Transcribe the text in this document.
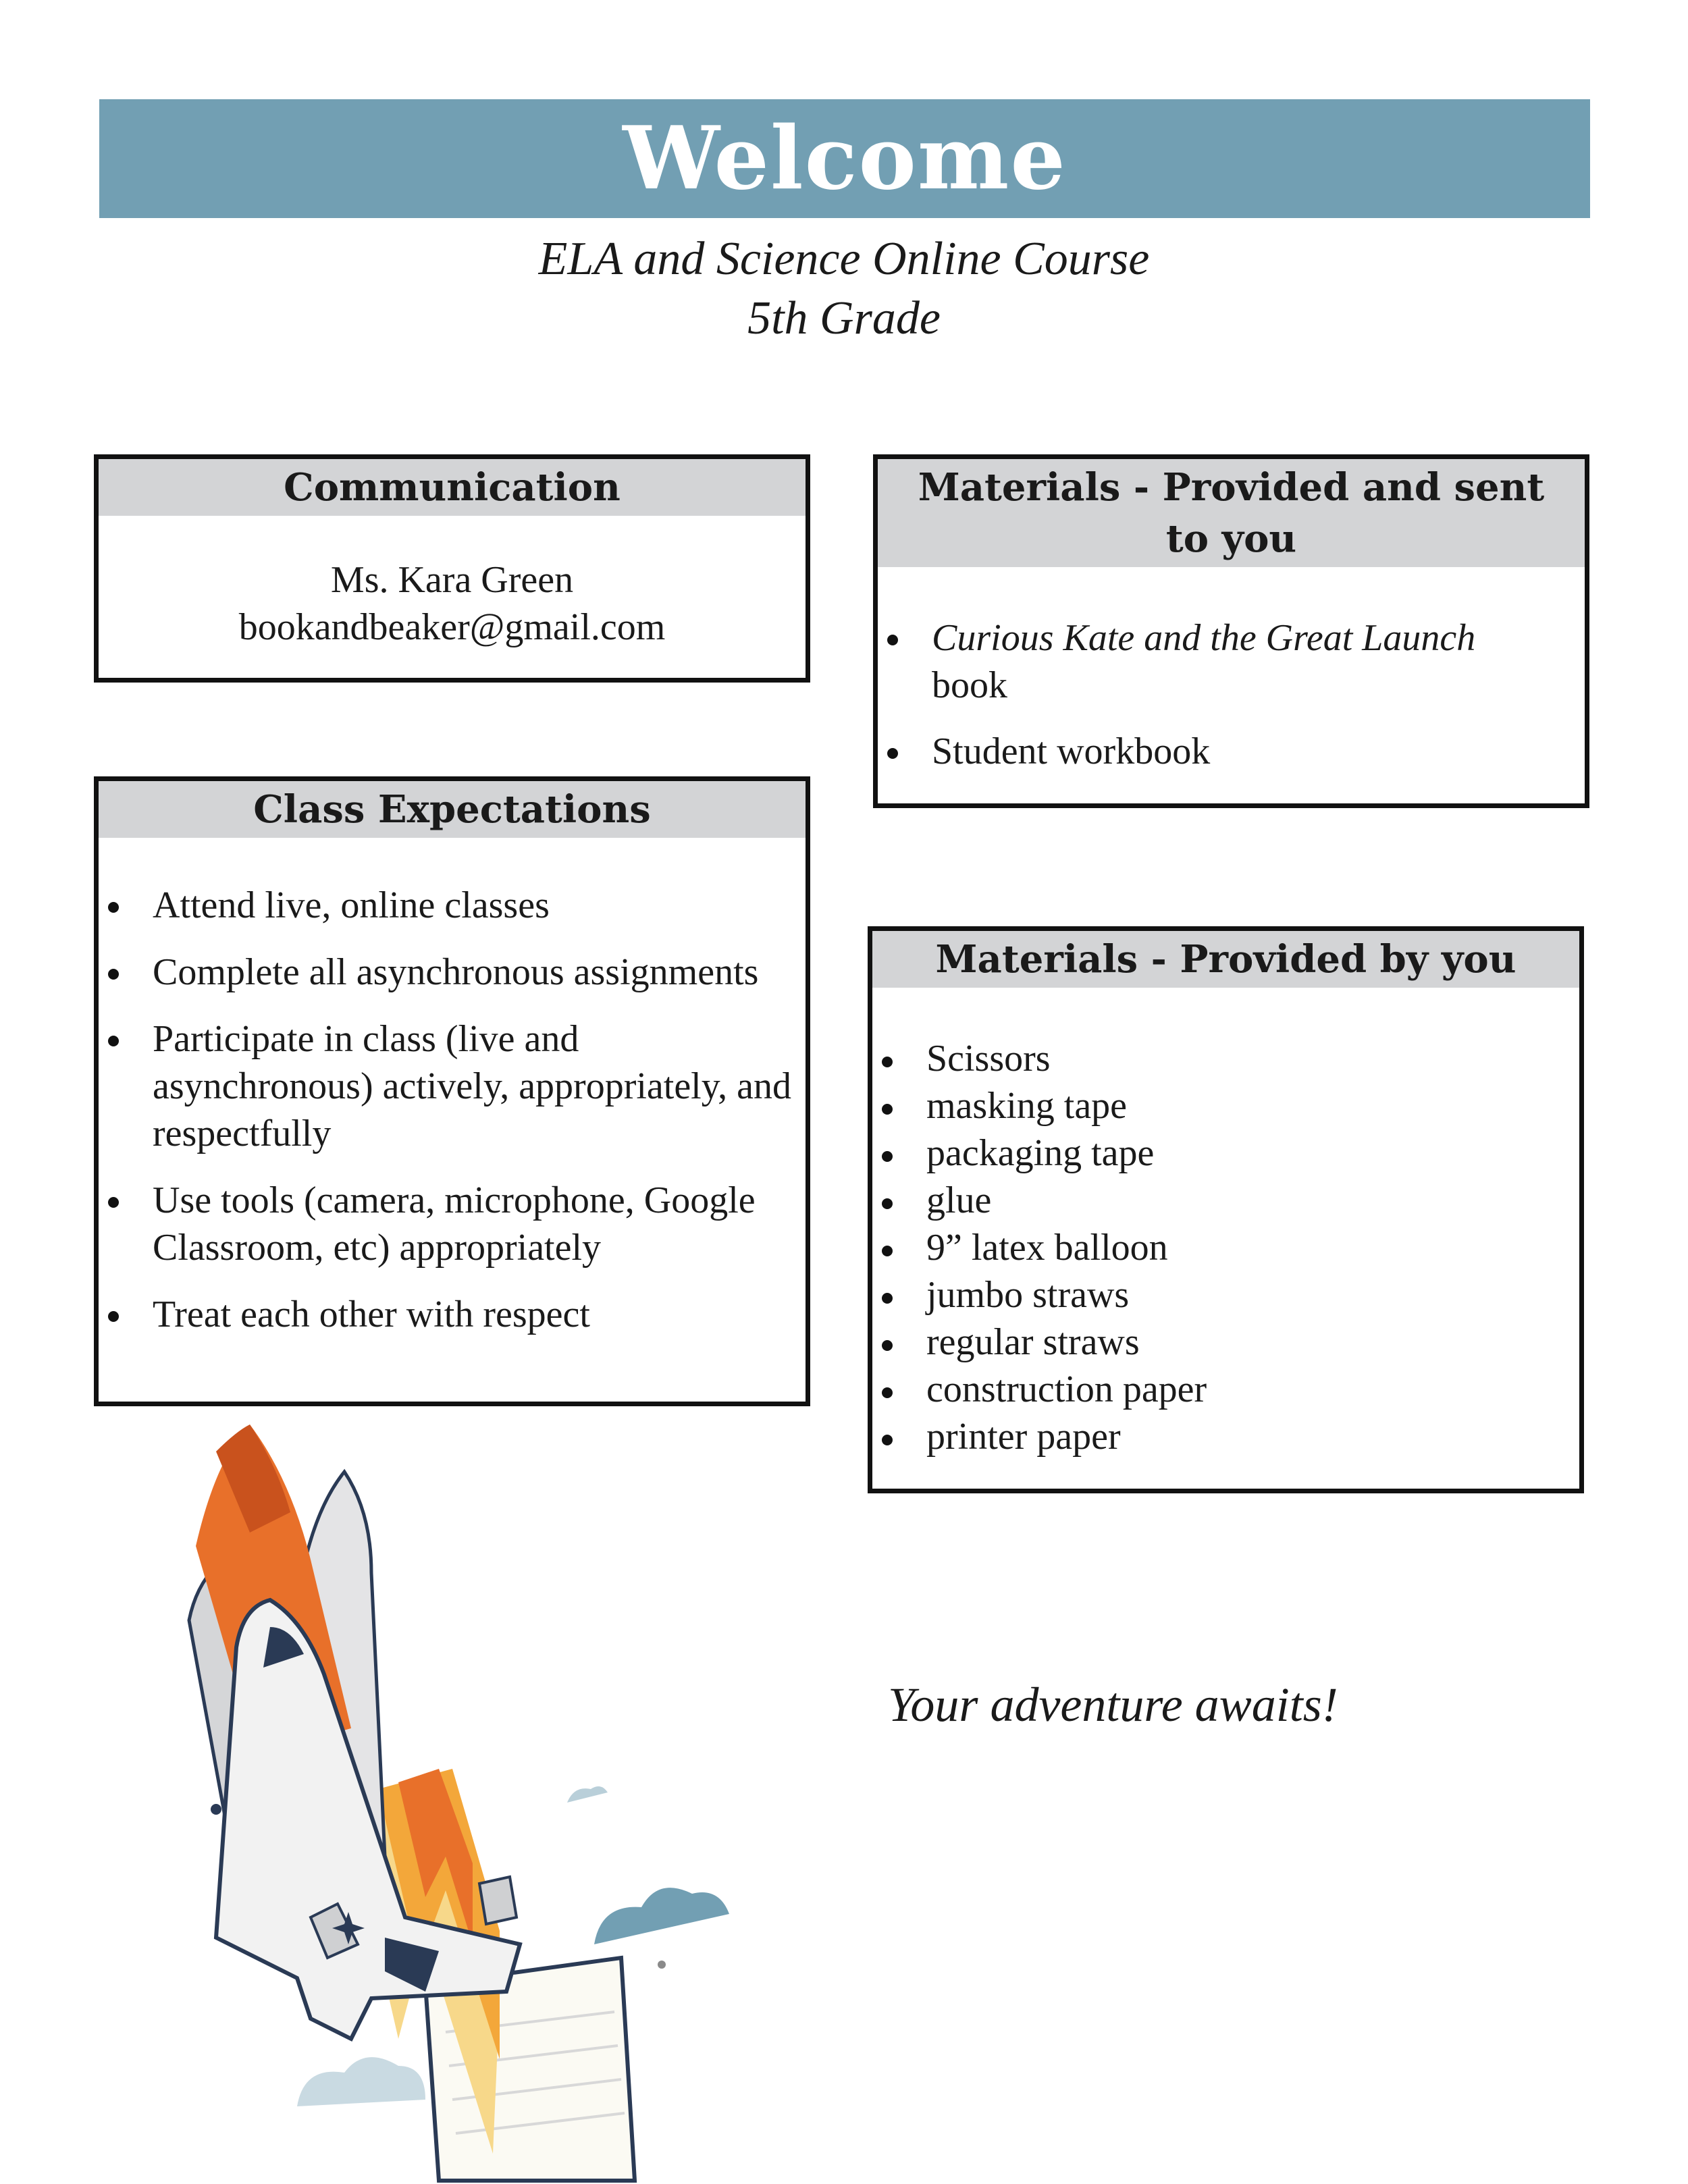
Welcome
ELA and Science Online Course
5th Grade
Communication
Ms. Kara Green
bookandbeaker@gmail.com
Materials - Provided and sent to you
Curious Kate and the Great Launch
book
Student workbook
Class Expectations
Attend live, online classes
Complete all asynchronous assignments
Participate in class (live and asynchronous) actively, appropriately, and respectfully
Use tools (camera, microphone, Google Classroom, etc) appropriately
Treat each other with respect
Materials - Provided by you
Scissors
masking tape
packaging tape
glue
9” latex balloon
jumbo straws
regular straws
construction paper
printer paper
Your adventure awaits!
